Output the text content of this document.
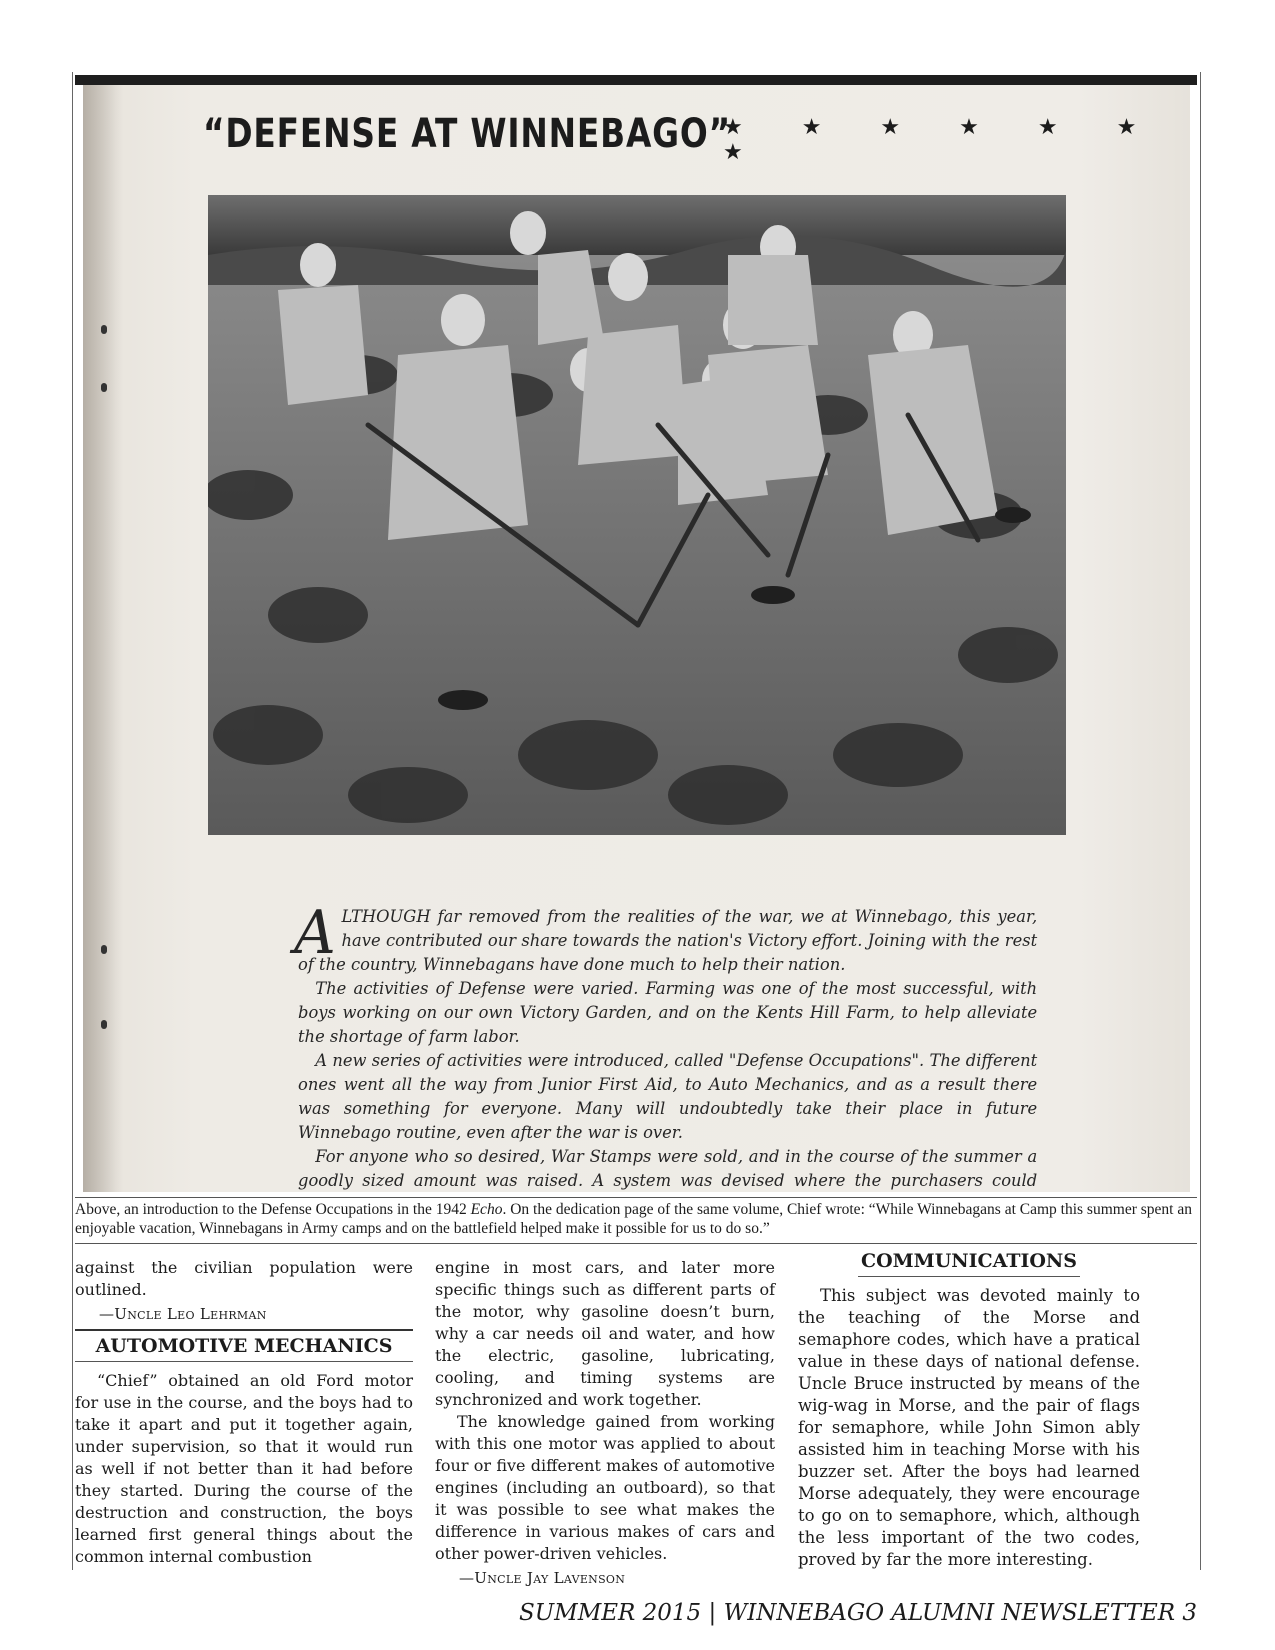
“DEFENSE AT WINNEBAGO”
★ ★ ★ ★ ★ ★ ★

ALTHOUGH far removed from the realities of the war, we at Winnebago, this year, have contributed our share towards the nation's Victory effort. Joining with the rest of the country, Winnebagans have done much to help their nation.

The activities of Defense were varied. Farming was one of the most successful, with boys working on our own Victory Garden, and on the Kents Hill Farm, to help alleviate the shortage of farm labor.

A new series of activities were introduced, called "Defense Occupations". The different ones went all the way from Junior First Aid, to Auto Mechanics, and as a result there was something for everyone. Many will undoubtedly take their place in future Winnebago routine, even after the war is over.

For anyone who so desired, War Stamps were sold, and in the course of the summer a goodly sized amount was raised. A system was devised where the purchasers could

Above, an introduction to the Defense Occupations in the 1942 Echo. On the dedication page of the same volume, Chief wrote: “While Winnebagans at Camp this summer spent an enjoyable vacation, Winnebagans in Army camps and on the battlefield helped make it possible for us to do so.”

against the civilian population were outlined.

—Uncle Leo Lehrman
AUTOMOTIVE MECHANICS

“Chief” obtained an old Ford motor for use in the course, and the boys had to take it apart and put it together again, under supervision, so that it would run as well if not better than it had before they started. During the course of the destruction and construction, the boys learned first general things about the common internal combustion

engine in most cars, and later more specific things such as different parts of the motor, why gasoline doesn’t burn, why a car needs oil and water, and how the electric, gasoline, lubricating, cooling, and timing systems are synchronized and work together.

The knowledge gained from working with this one motor was applied to about four or five different makes of automotive engines (including an outboard), so that it was possible to see what makes the difference in various makes of cars and other power-driven vehicles.

—Uncle Jay Lavenson
COMMUNICATIONS

This subject was devoted mainly to the teaching of the Morse and semaphore codes, which have a pratical value in these days of national defense. Uncle Bruce instructed by means of the wig-wag in Morse, and the pair of flags for semaphore, while John Simon ably assisted him in teaching Morse with his buzzer set. After the boys had learned Morse adequately, they were encourage to go on to semaphore, which, although the less important of the two codes, proved by far the more interesting.

SUMMER 2015 | WINNEBAGO ALUMNI NEWSLETTER 3
